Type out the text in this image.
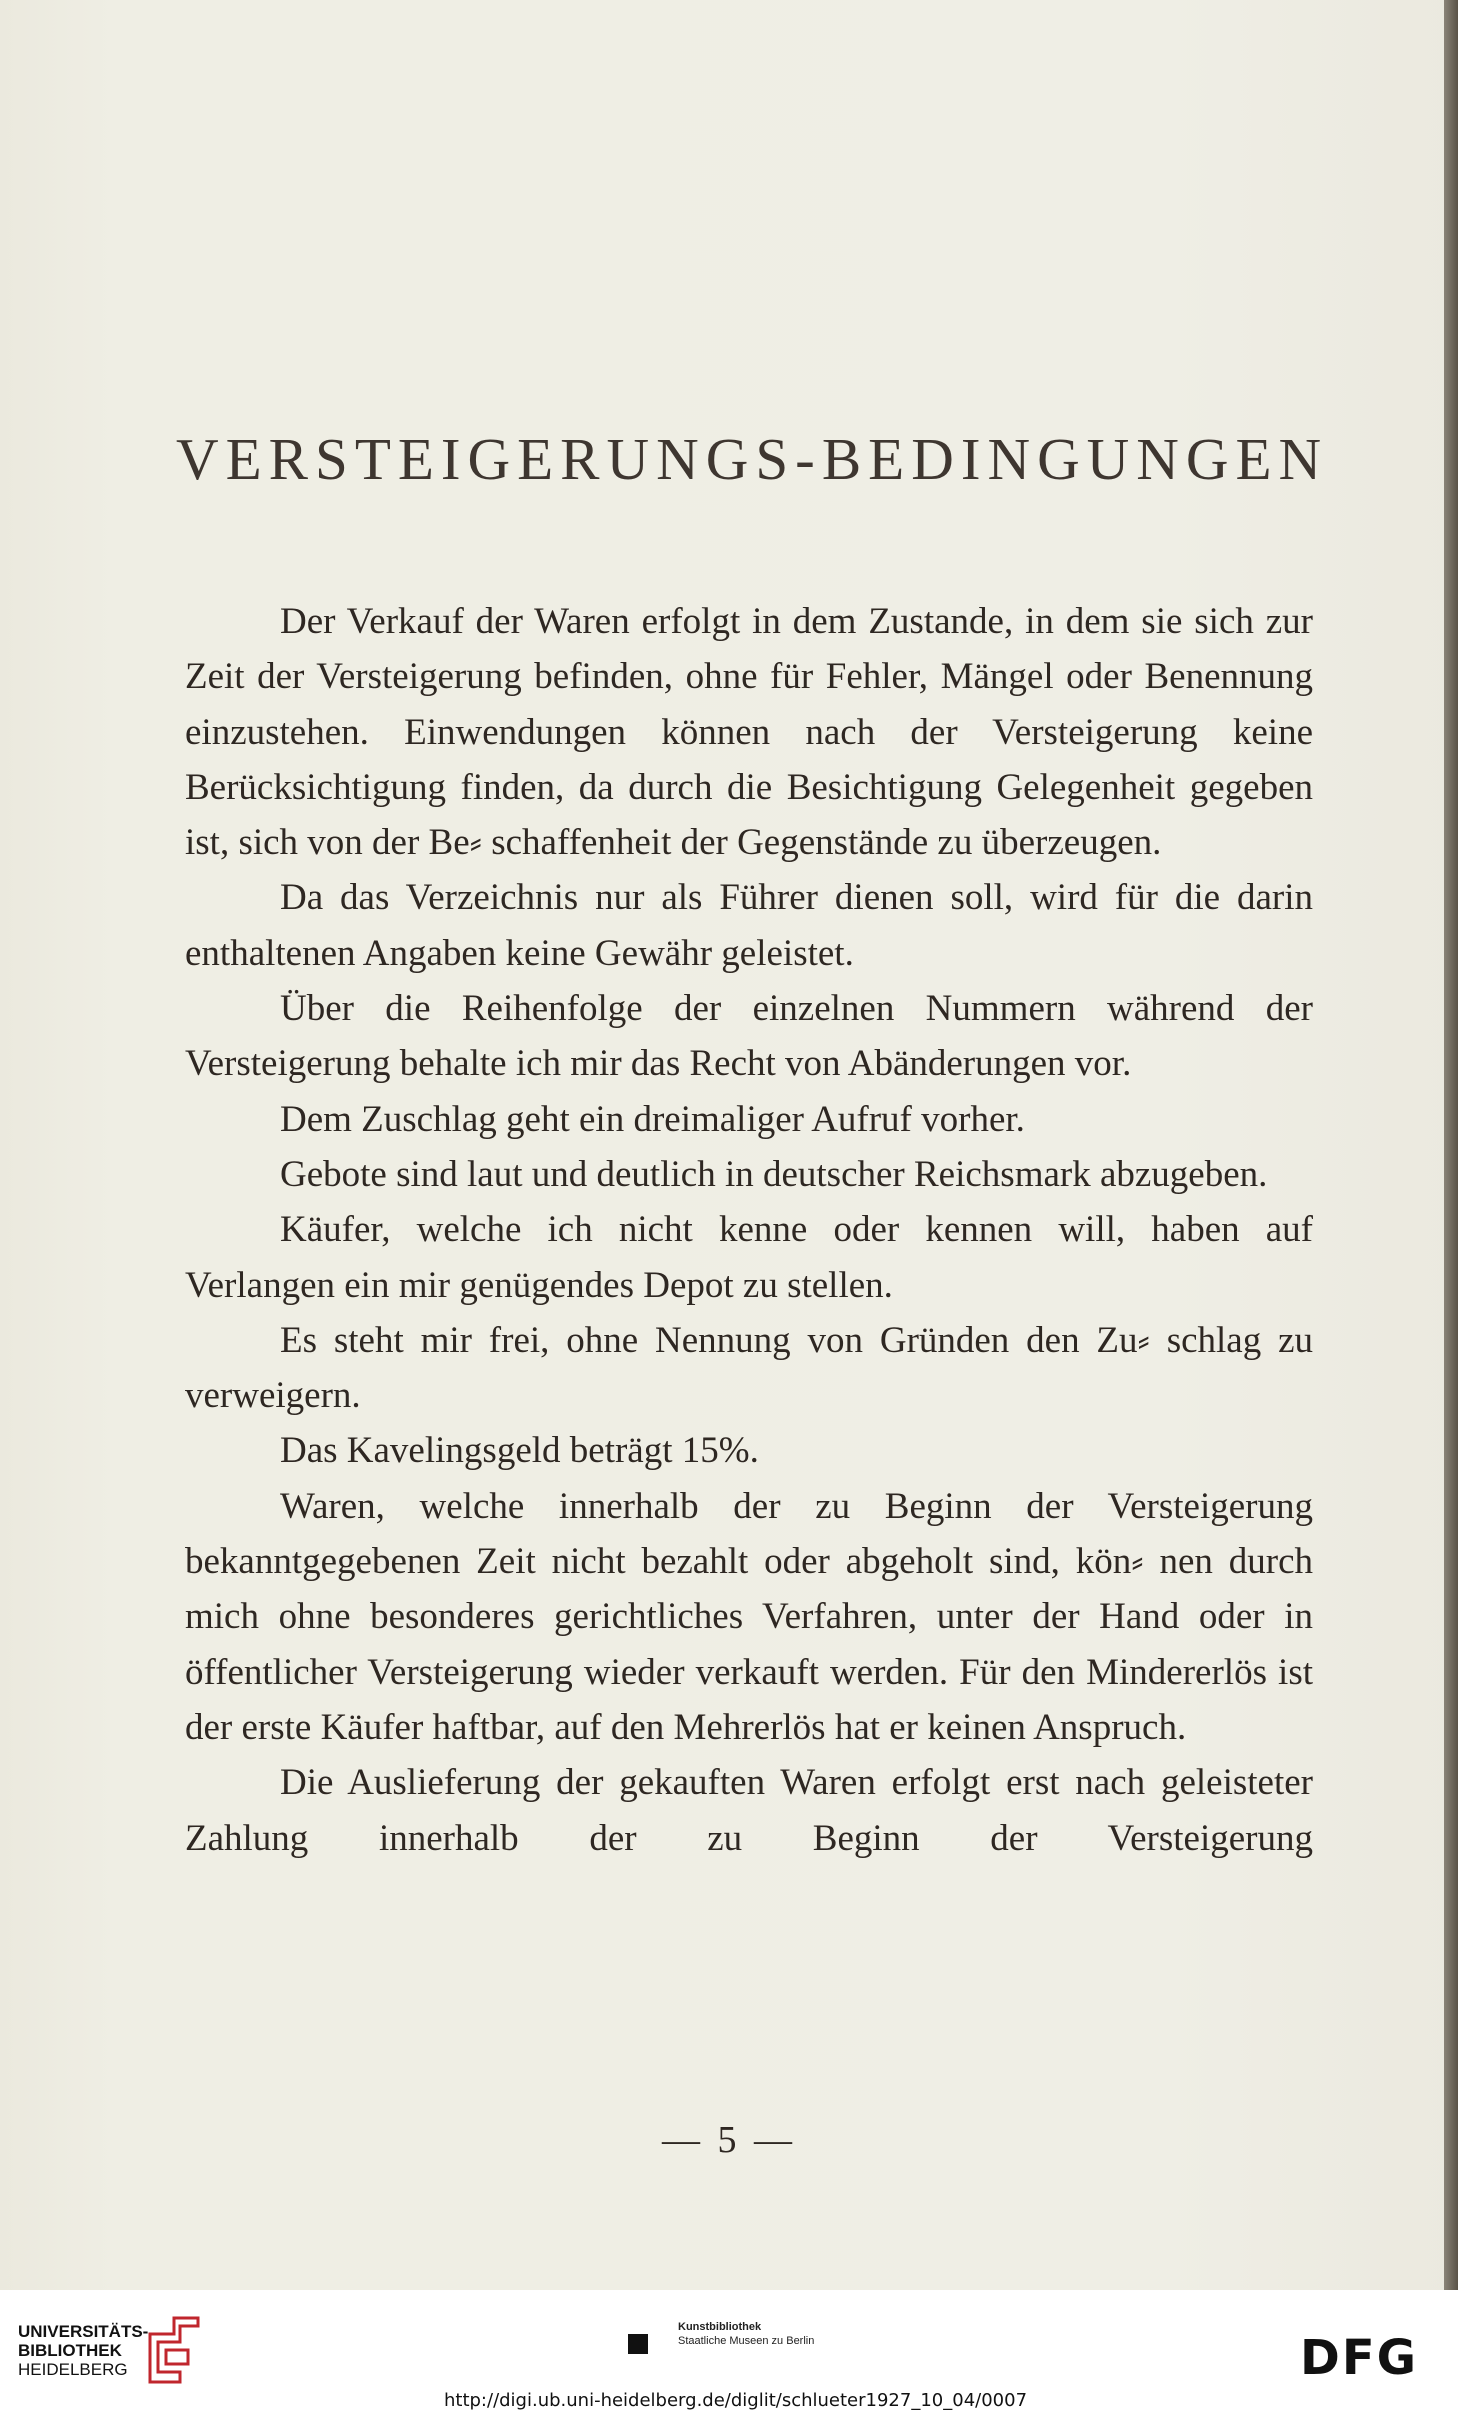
VERSTEIGERUNGS-BEDINGUNGEN

Der Verkauf der Waren erfolgt in dem Zustande, in dem sie sich zur Zeit der Versteigerung befinden, ohne für Fehler, Mängel oder Benennung einzustehen. Einwendungen können nach der Versteigerung keine Berücksichtigung finden, da durch die Besichtigung Gelegenheit gegeben ist, sich von der Be⸗ schaffenheit der Gegenstände zu überzeugen.

Da das Verzeichnis nur als Führer dienen soll, wird für die darin enthaltenen Angaben keine Gewähr geleistet.

Über die Reihenfolge der einzelnen Nummern während der Versteigerung behalte ich mir das Recht von Abänderungen vor.

Dem Zuschlag geht ein dreimaliger Aufruf vorher.

Gebote sind laut und deutlich in deutscher Reichsmark abzugeben.

Käufer, welche ich nicht kenne oder kennen will, haben auf Verlangen ein mir genügendes Depot zu stellen.

Es steht mir frei, ohne Nennung von Gründen den Zu⸗ schlag zu verweigern.

Das Kavelingsgeld beträgt 15%.

Waren, welche innerhalb der zu Beginn der Versteigerung bekanntgegebenen Zeit nicht bezahlt oder abgeholt sind, kön⸗ nen durch mich ohne besonderes gerichtliches Verfahren, unter der Hand oder in öffentlicher Versteigerung wieder verkauft werden. Für den Mindererlös ist der erste Käufer haftbar, auf den Mehrerlös hat er keinen Anspruch.

Die Auslieferung der gekauften Waren erfolgt erst nach geleisteter Zahlung innerhalb der zu Beginn der Versteigerung

— 5 —
UNIVERSITÄTS-
BIBLIOTHEK
HEIDELBERG
Kunstbibliothek
Staatliche Museen zu Berlin	DFG
http://digi.ub.uni-heidelberg.de/diglit/schlueter1927_10_04/0007
